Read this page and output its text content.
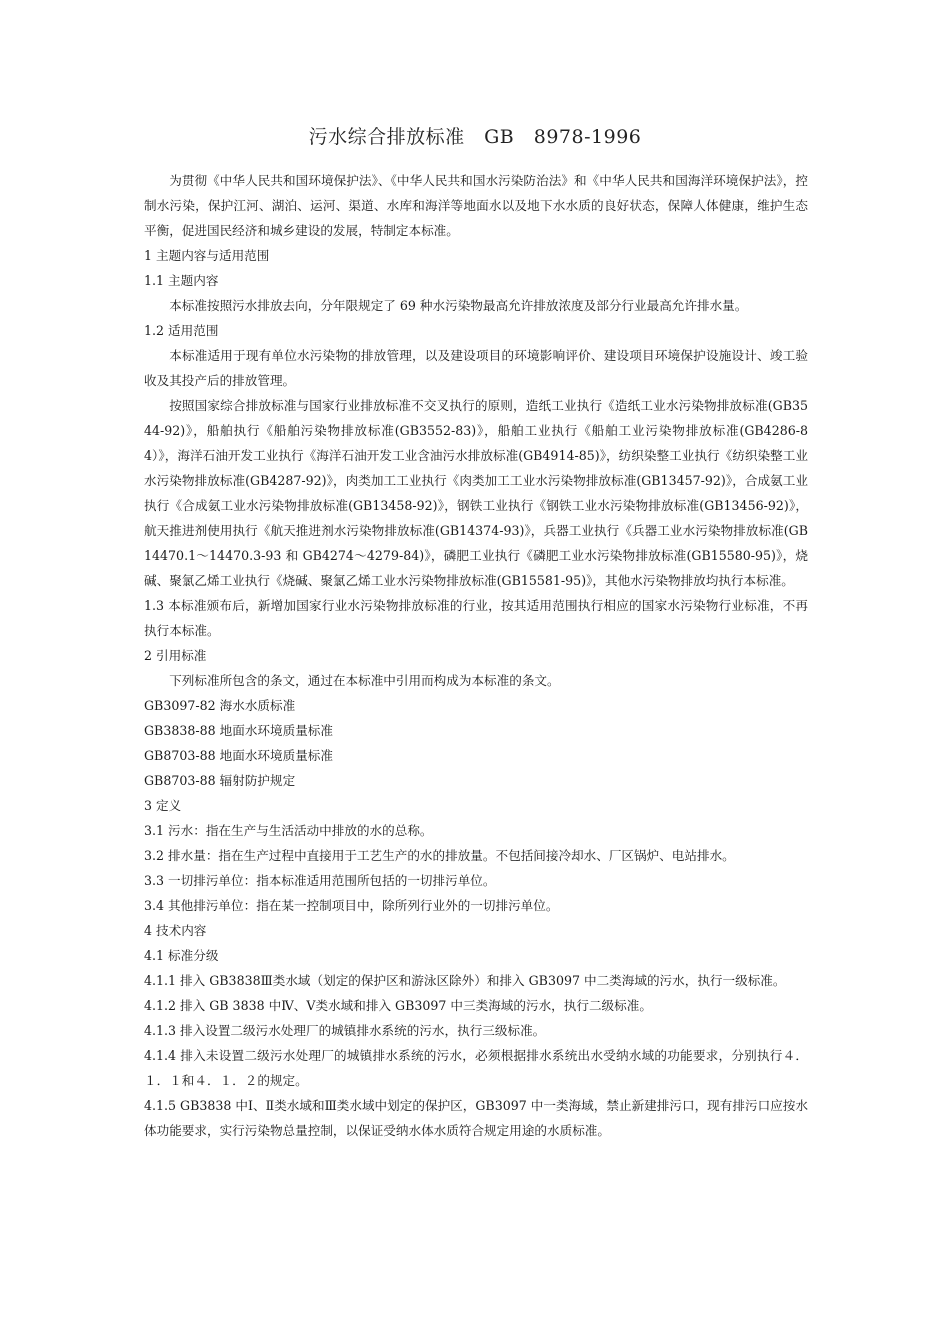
污水综合排放标准　GB　8978-1996

为贯彻《中华人民共和国环境保护法》、《中华人民共和国水污染防治法》和《中华人民共和国海洋环境保护法》，控制水污染，保护江河、湖泊、运河、渠道、水库和海洋等地面水以及地下水水质的良好状态，保障人体健康，维护生态平衡，促进国民经济和城乡建设的发展，特制定本标准。

1 主题内容与适用范围

1.1 主题内容

本标准按照污水排放去向，分年限规定了 69 种水污染物最高允许排放浓度及部分行业最高允许排水量。

1.2 适用范围

本标准适用于现有单位水污染物的排放管理，以及建设项目的环境影响评价、建设项目环境保护设施设计、竣工验收及其投产后的排放管理。

按照国家综合排放标准与国家行业排放标准不交叉执行的原则，造纸工业执行《造纸工业水污染物排放标准(GB3544-92)》，船舶执行《船舶污染物排放标准(GB3552-83)》，船舶工业执行《船舶工业污染物排放标准(GB4286-84）》，海洋石油开发工业执行《海洋石油开发工业含油污水排放标准(GB4914-85)》，纺织染整工业执行《纺织染整工业水污染物排放标准(GB4287-92)》，肉类加工工业执行《肉类加工工业水污染物排放标准(GB13457-92)》，合成氨工业执行《合成氨工业水污染物排放标准(GB13458-92)》，钢铁工业执行《钢铁工业水污染物排放标准(GB13456-92)》，航天推进剂使用执行《航天推进剂水污染物排放标准(GB14374-93)》，兵器工业执行《兵器工业水污染物排放标准(GB14470.1～14470.3-93 和 GB4274～4279-84)》，磷肥工业执行《磷肥工业水污染物排放标准(GB15580-95)》，烧碱、聚氯乙烯工业执行《烧碱、聚氯乙烯工业水污染物排放标准(GB15581-95)》，其他水污染物排放均执行本标准。

1.3 本标准颁布后，新增加国家行业水污染物排放标准的行业，按其适用范围执行相应的国家水污染物行业标准，不再执行本标准。

2 引用标准

下列标准所包含的条文，通过在本标准中引用而构成为本标准的条文。

GB3097-82 海水水质标准

GB3838-88 地面水环境质量标准

GB8703-88 地面水环境质量标准

GB8703-88 辐射防护规定

3 定义

3.1 污水：指在生产与生活活动中排放的水的总称。

3.2 排水量：指在生产过程中直接用于工艺生产的水的排放量。不包括间接冷却水、厂区锅炉、电站排水。

3.3 一切排污单位：指本标准适用范围所包括的一切排污单位。

3.4 其他排污单位：指在某一控制项目中，除所列行业外的一切排污单位。

4 技术内容

4.1 标准分级

4.1.1 排入 GB3838Ⅲ类水域（划定的保护区和游泳区除外）和排入 GB3097 中二类海域的污水，执行一级标准。

4.1.2 排入 GB 3838 中Ⅳ、Ⅴ类水域和排入 GB3097 中三类海域的污水，执行二级标准。

4.1.3 排入设置二级污水处理厂的城镇排水系统的污水，执行三级标准。

4.1.4 排入未设置二级污水处理厂的城镇排水系统的污水，必须根据排水系统出水受纳水域的功能要求，分别执行４．１．１和４．１．２的规定。

4.1.5 GB3838 中Ⅰ、Ⅱ类水域和Ⅲ类水域中划定的保护区，GB3097 中一类海域，禁止新建排污口，现有排污口应按水体功能要求，实行污染物总量控制，以保证受纳水体水质符合规定用途的水质标准。
